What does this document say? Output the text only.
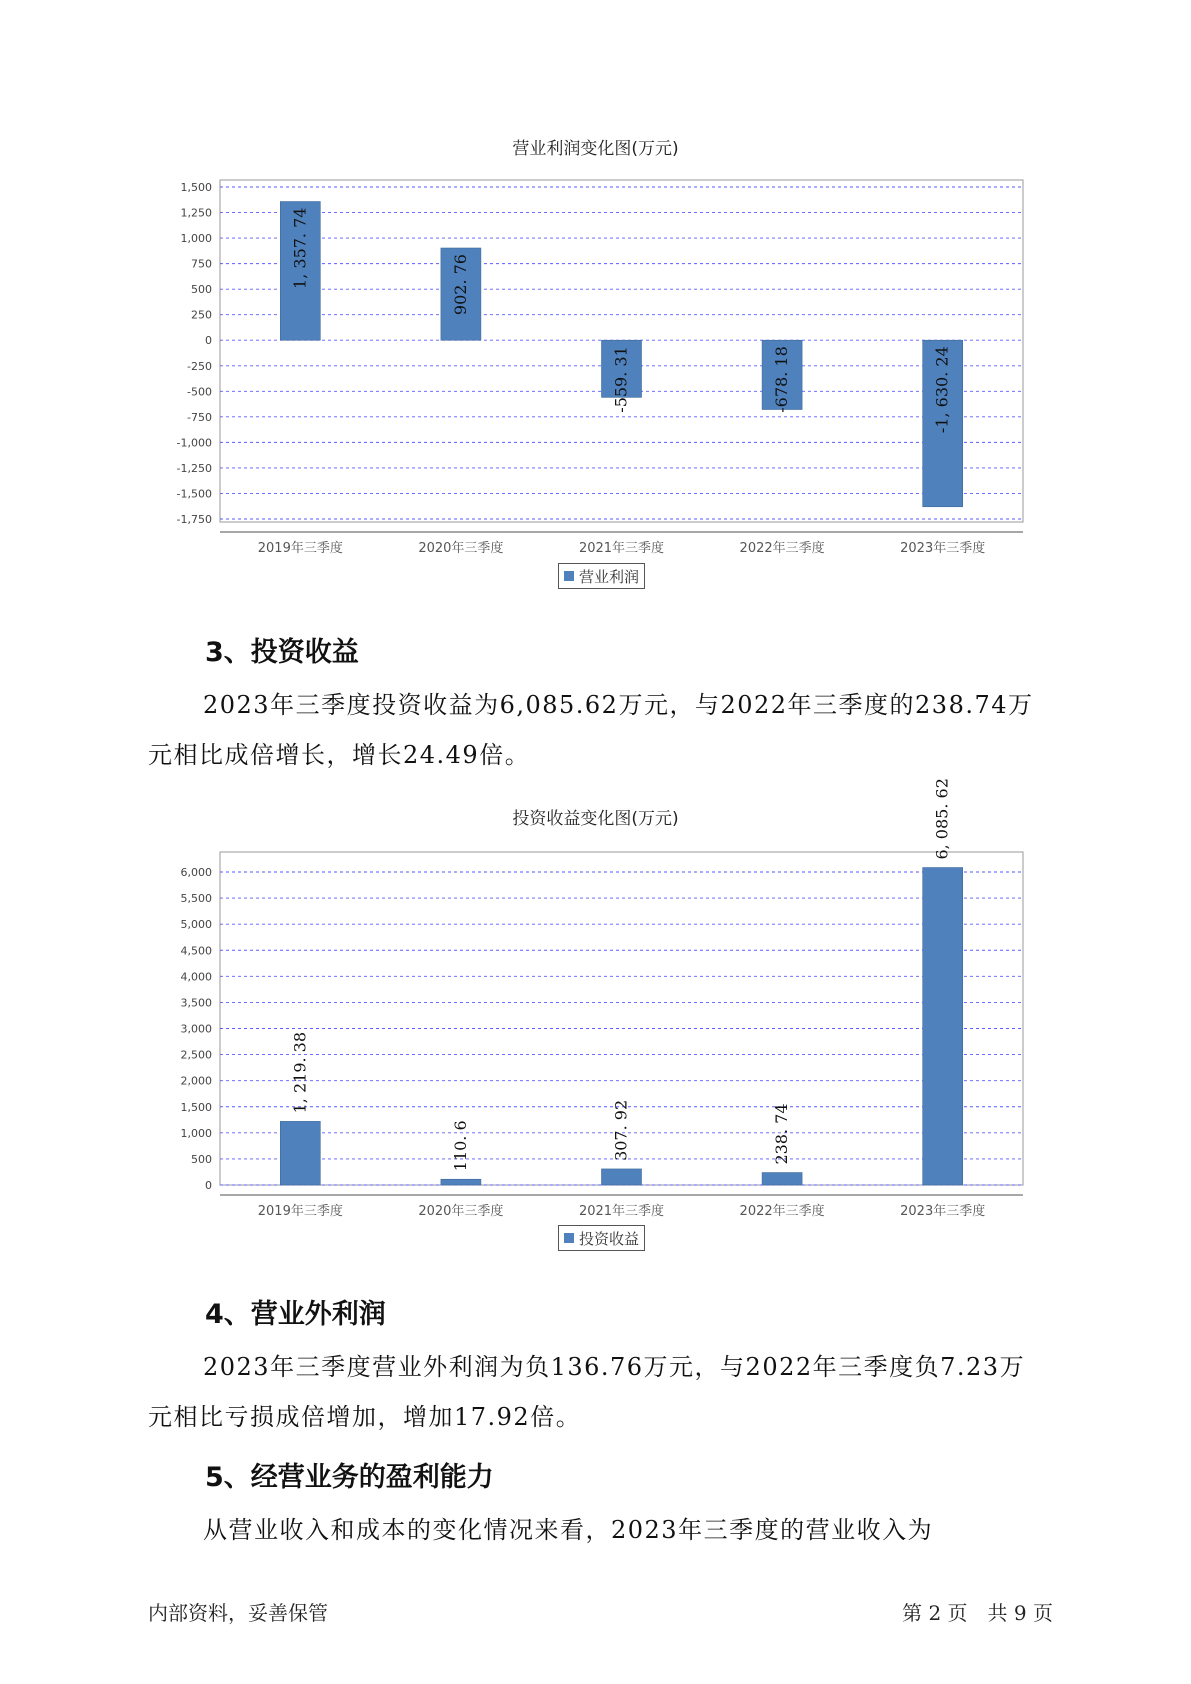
营业利润变化图(万元)
1,500
1,250
1,000
750
500
250
0
-250
-500
-750
-1,000
-1,250
-1,500
-1,750
2019年三季度
1, 357. 74
2020年三季度
902. 76
2021年三季度
-559. 31
2022年三季度
-678. 18
2023年三季度
-1, 630. 24
营业利润
3、投资收益

2023年三季度投资收益为6,085.62万元，与2022年三季度的238.74万元相比成倍增长，增长24.49倍。

投资收益变化图(万元)
6,000
5,500
5,000
4,500
4,000
3,500
3,000
2,500
2,000
1,500
1,000
500
0
2019年三季度
1, 219. 38
2020年三季度
110. 6
2021年三季度
307. 92
2022年三季度
238. 74
2023年三季度
6, 085. 62
投资收益
4、营业外利润

2023年三季度营业外利润为负136.76万元，与2022年三季度负7.23万元相比亏损成倍增加，增加17.92倍。

5、经营业务的盈利能力

从营业收入和成本的变化情况来看，2023年三季度的营业收入为

内部资料，妥善保管	第 2 页　共 9 页
